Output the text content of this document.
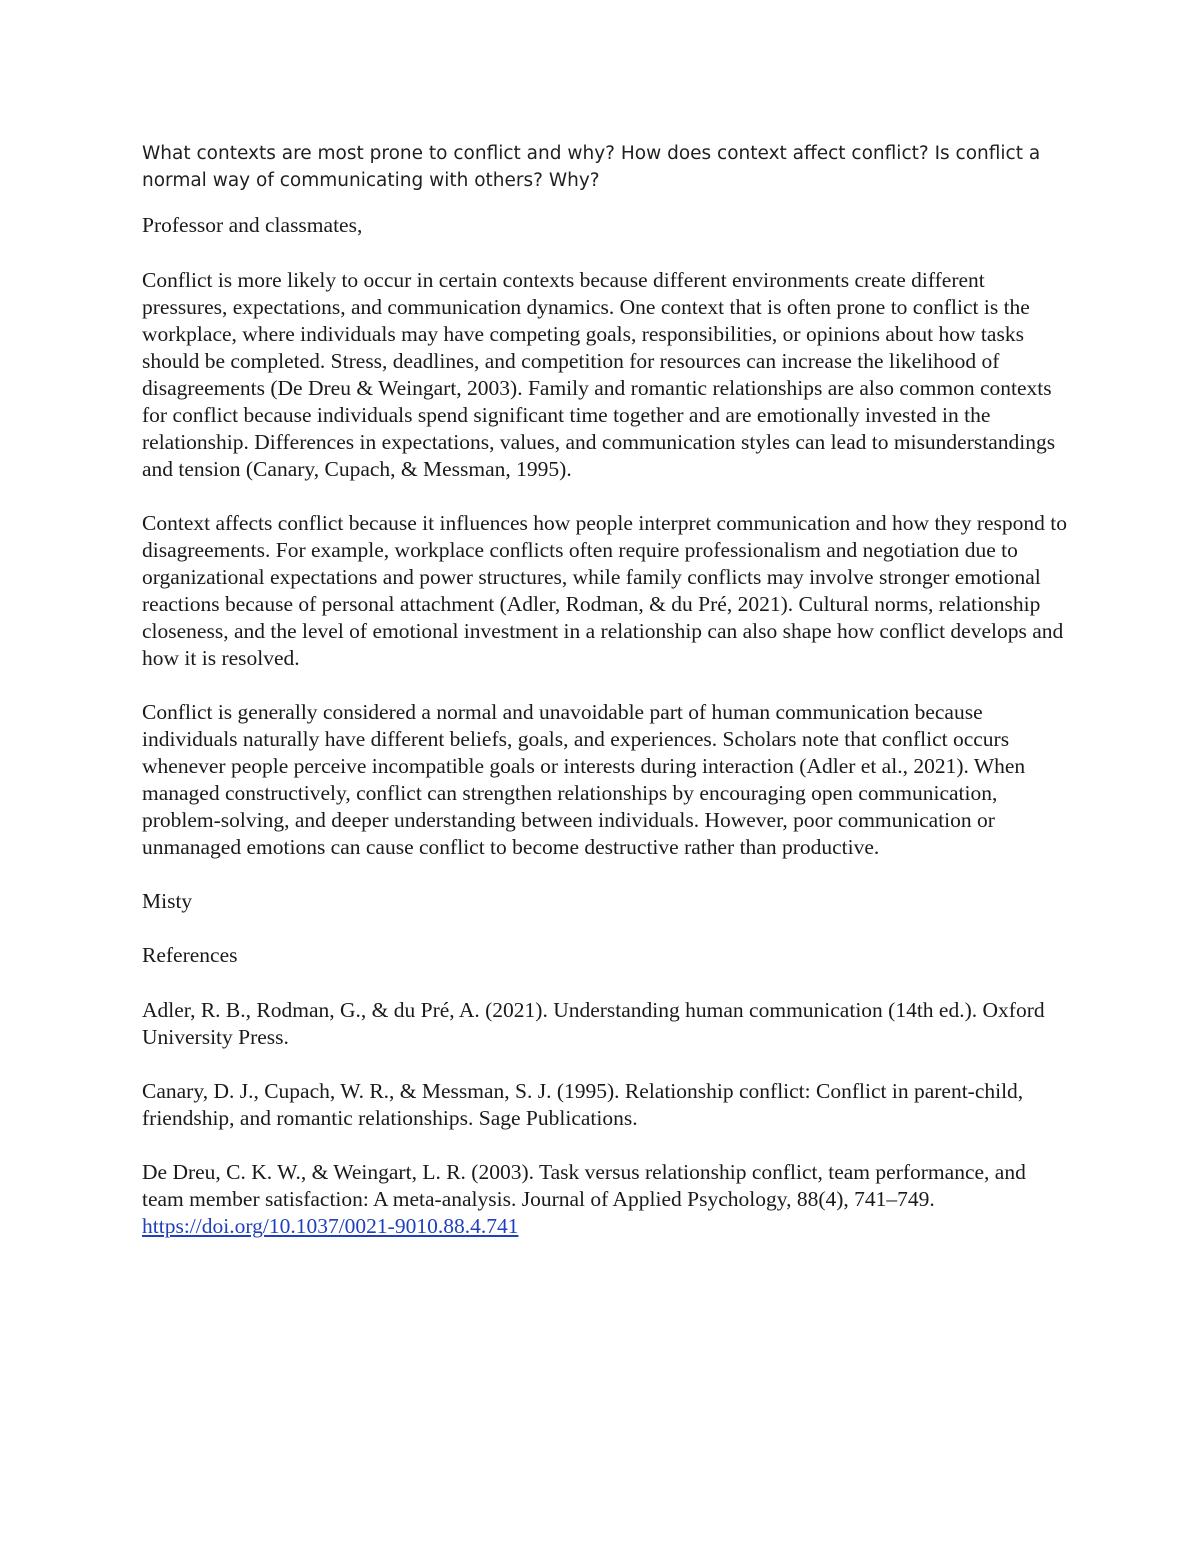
What contexts are most prone to conflict and why? How does context affect conflict? Is conflict a normal way of communicating with others? Why?

Professor and classmates,

Conflict is more likely to occur in certain contexts because different environments create different pressures, expectations, and communication dynamics. One context that is often prone to conflict is the workplace, where individuals may have competing goals, responsibilities, or opinions about how tasks should be completed. Stress, deadlines, and competition for resources can increase the likelihood of disagreements (De Dreu & Weingart, 2003). Family and romantic relationships are also common contexts for conflict because individuals spend significant time together and are emotionally invested in the relationship. Differences in expectations, values, and communication styles can lead to misunderstandings and tension (Canary, Cupach, & Messman, 1995).

Context affects conflict because it influences how people interpret communication and how they respond to disagreements. For example, workplace conflicts often require professionalism and negotiation due to organizational expectations and power structures, while family conflicts may involve stronger emotional reactions because of personal attachment (Adler, Rodman, & du Pré, 2021). Cultural norms, relationship closeness, and the level of emotional investment in a relationship can also shape how conflict develops and how it is resolved.

Conflict is generally considered a normal and unavoidable part of human communication because individuals naturally have different beliefs, goals, and experiences. Scholars note that conflict occurs whenever people perceive incompatible goals or interests during interaction (Adler et al., 2021). When managed constructively, conflict can strengthen relationships by encouraging open communication, problem-solving, and deeper understanding between individuals. However, poor communication or unmanaged emotions can cause conflict to become destructive rather than productive.

Misty

References

Adler, R. B., Rodman, G., & du Pré, A. (2021). Understanding human communication (14th ed.). Oxford University Press.

Canary, D. J., Cupach, W. R., & Messman, S. J. (1995). Relationship conflict: Conflict in parent-child, friendship, and romantic relationships. Sage Publications.

De Dreu, C. K. W., & Weingart, L. R. (2003). Task versus relationship conflict, team performance, and team member satisfaction: A meta-analysis. Journal of Applied Psychology, 88(4), 741–749. https://doi.org/10.1037/0021-9010.88.4.741
